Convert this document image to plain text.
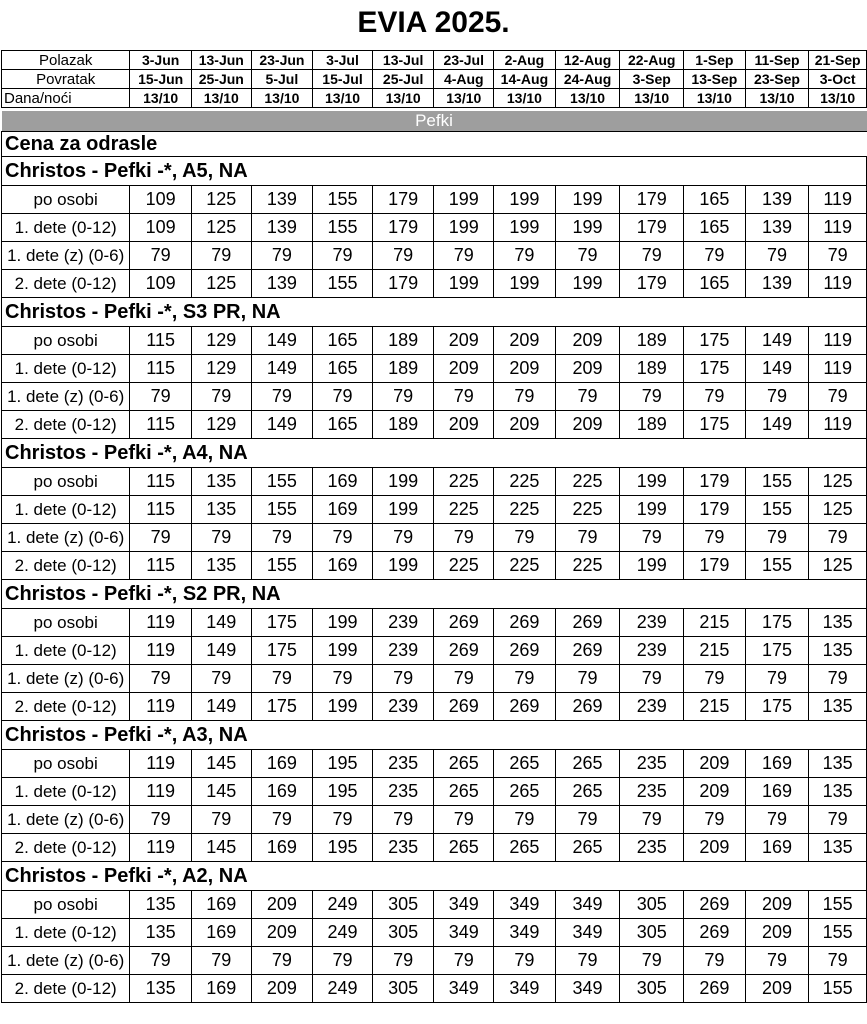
EVIA 2025.
Polazak	3-Jun	13-Jun	23-Jun	3-Jul	13-Jul	23-Jul	2-Aug	12-Aug	22-Aug	1-Sep	11-Sep	21-Sep
Povratak	15-Jun	25-Jun	5-Jul	15-Jul	25-Jul	4-Aug	14-Aug	24-Aug	3-Sep	13-Sep	23-Sep	3-Oct
Dana/noći	13/10	13/10	13/10	13/10	13/10	13/10	13/10	13/10	13/10	13/10	13/10	13/10

Pefki												
Cena za odrasle												
Christos - Pefki -*, A5, NA												
po osobi	109	125	139	155	179	199	199	199	179	165	139	119
1. dete (0-12)	109	125	139	155	179	199	199	199	179	165	139	119
1. dete (z) (0-6)	79	79	79	79	79	79	79	79	79	79	79	79
2. dete (0-12)	109	125	139	155	179	199	199	199	179	165	139	119
Christos - Pefki -*, S3 PR, NA												
po osobi	115	129	149	165	189	209	209	209	189	175	149	119
1. dete (0-12)	115	129	149	165	189	209	209	209	189	175	149	119
1. dete (z) (0-6)	79	79	79	79	79	79	79	79	79	79	79	79
2. dete (0-12)	115	129	149	165	189	209	209	209	189	175	149	119
Christos - Pefki -*, A4, NA												
po osobi	115	135	155	169	199	225	225	225	199	179	155	125
1. dete (0-12)	115	135	155	169	199	225	225	225	199	179	155	125
1. dete (z) (0-6)	79	79	79	79	79	79	79	79	79	79	79	79
2. dete (0-12)	115	135	155	169	199	225	225	225	199	179	155	125
Christos - Pefki -*, S2 PR, NA												
po osobi	119	149	175	199	239	269	269	269	239	215	175	135
1. dete (0-12)	119	149	175	199	239	269	269	269	239	215	175	135
1. dete (z) (0-6)	79	79	79	79	79	79	79	79	79	79	79	79
2. dete (0-12)	119	149	175	199	239	269	269	269	239	215	175	135
Christos - Pefki -*, A3, NA												
po osobi	119	145	169	195	235	265	265	265	235	209	169	135
1. dete (0-12)	119	145	169	195	235	265	265	265	235	209	169	135
1. dete (z) (0-6)	79	79	79	79	79	79	79	79	79	79	79	79
2. dete (0-12)	119	145	169	195	235	265	265	265	235	209	169	135
Christos - Pefki -*, A2, NA												
po osobi	135	169	209	249	305	349	349	349	305	269	209	155
1. dete (0-12)	135	169	209	249	305	349	349	349	305	269	209	155
1. dete (z) (0-6)	79	79	79	79	79	79	79	79	79	79	79	79
2. dete (0-12)	135	169	209	249	305	349	349	349	305	269	209	155
